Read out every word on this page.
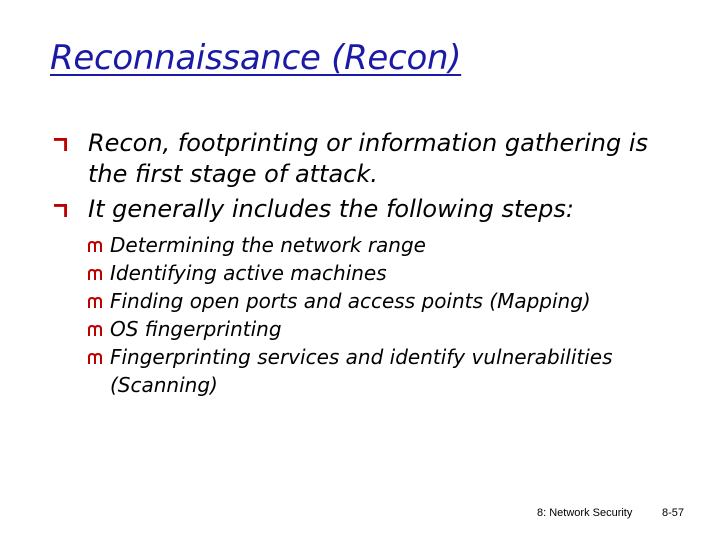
Reconnaissance (Recon)
Recon, footprinting or information gathering is the first stage of attack.
It generally includes the following steps:
Determining the network range
Identifying active machines
Finding open ports and access points (Mapping)
OS fingerprinting
Fingerprinting services and identify vulnerabilities (Scanning)
8: Network Security	8-57
